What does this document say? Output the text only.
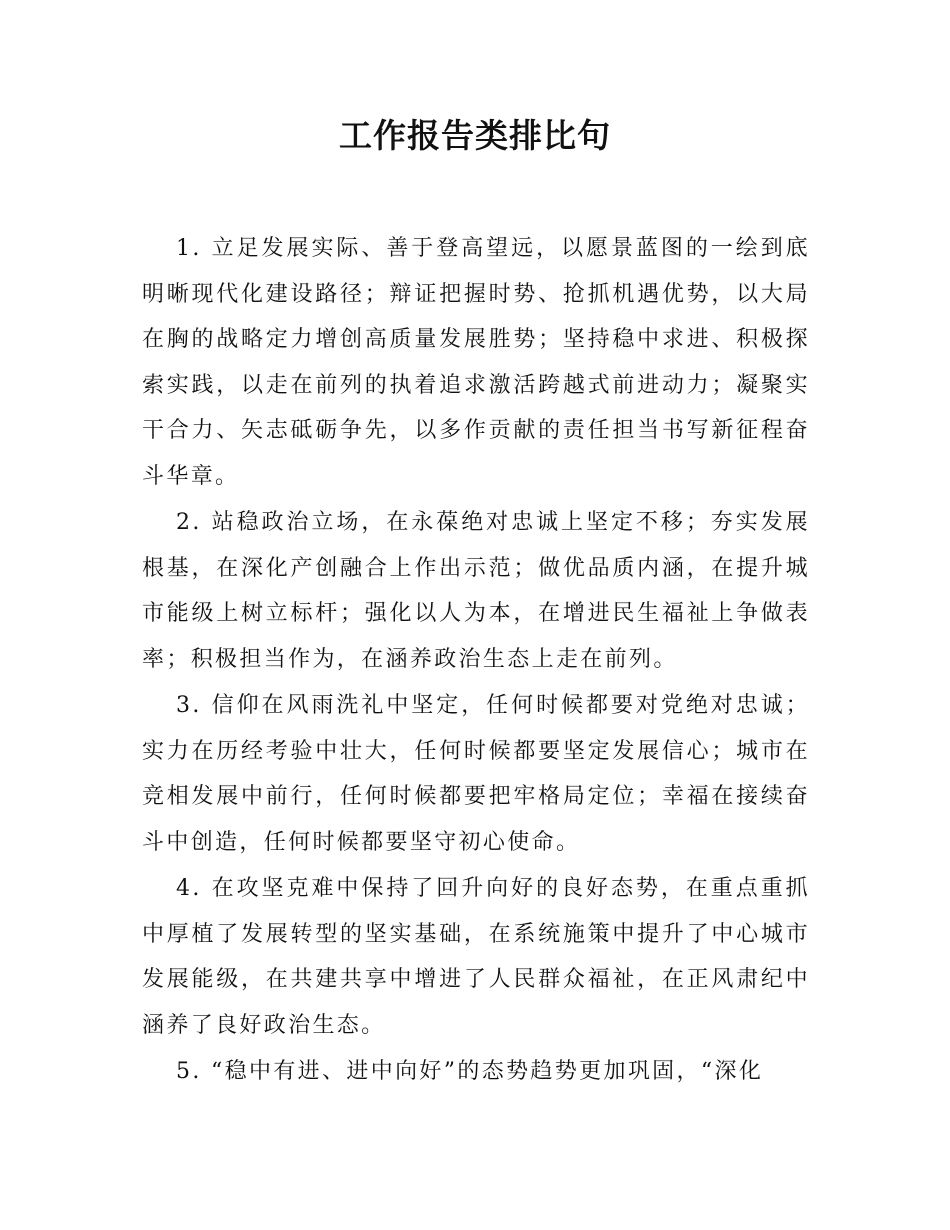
工作报告类排比句

1. 立足发展实际、善于登高望远，以愿景蓝图的一绘到底明晰现代化建设路径；辩证把握时势、抢抓机遇优势，以大局在胸的战略定力增创高质量发展胜势；坚持稳中求进、积极探索实践，以走在前列的执着追求激活跨越式前进动力；凝聚实干合力、矢志砥砺争先，以多作贡献的责任担当书写新征程奋斗华章。

2. 站稳政治立场，在永葆绝对忠诚上坚定不移；夯实发展根基，在深化产创融合上作出示范；做优品质内涵，在提升城市能级上树立标杆；强化以人为本，在增进民生福祉上争做表率；积极担当作为，在涵养政治生态上走在前列。

3. 信仰在风雨洗礼中坚定，任何时候都要对党绝对忠诚；实力在历经考验中壮大，任何时候都要坚定发展信心；城市在竞相发展中前行，任何时候都要把牢格局定位；幸福在接续奋斗中创造，任何时候都要坚守初心使命。

4. 在攻坚克难中保持了回升向好的良好态势，在重点重抓中厚植了发展转型的坚实基础，在系统施策中提升了中心城市发展能级，在共建共享中增进了人民群众福祉，在正风肃纪中涵养了良好政治生态。

5. “稳中有进、进中向好”的态势趋势更加巩固，“深化
